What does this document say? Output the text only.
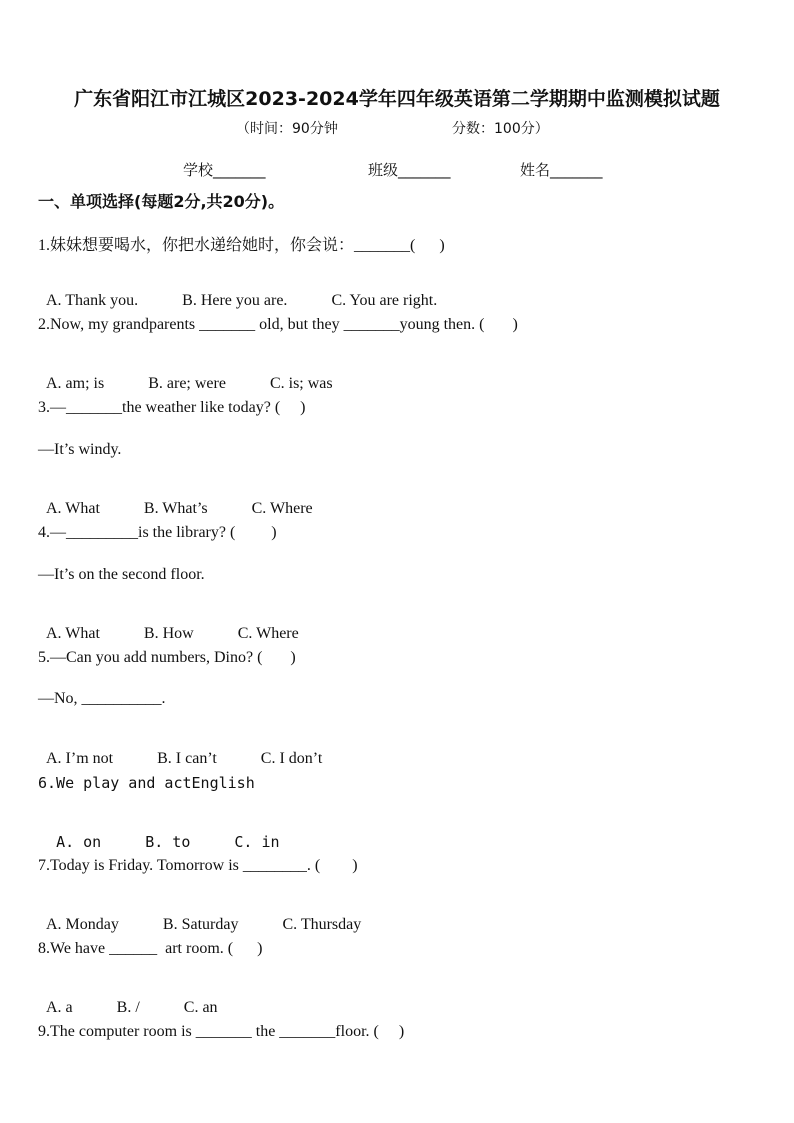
广东省阳江市江城区2023-2024学年四年级英语第二学期期中监测模拟试题
（时间：90分钟	分数：100分）
学校_______	班级_______	姓名_______
一、单项选择(每题2分,共20分)。
1.妹妹想要喝水，你把水递给她时，你会说：_______(      )

A. Thank you.	B. Here you are.	C. You are right.

2.Now, my grandparents _______ old, but they _______young then. (       )

A. am; is	B. are; were	C. is; was

3.—_______the weather like today? (     )
—It’s windy.

A. What	B. What’s	C. Where

4.—_________is the library? (         )
—It’s on the second floor.

A. What	B. How	C. Where

5.—Can you add numbers, Dino? (       )
—No, __________.

A. I’m not	B. I can’t	C. I don’t

6.We play and actEnglish

A. on	B. to	C. in

7.Today is Friday. Tomorrow is ________. (        )

A. Monday	B. Saturday	C. Thursday

8.We have ______  art room. (      )

A. a	B. /	C. an

9.The computer room is _______ the _______floor. (     )
